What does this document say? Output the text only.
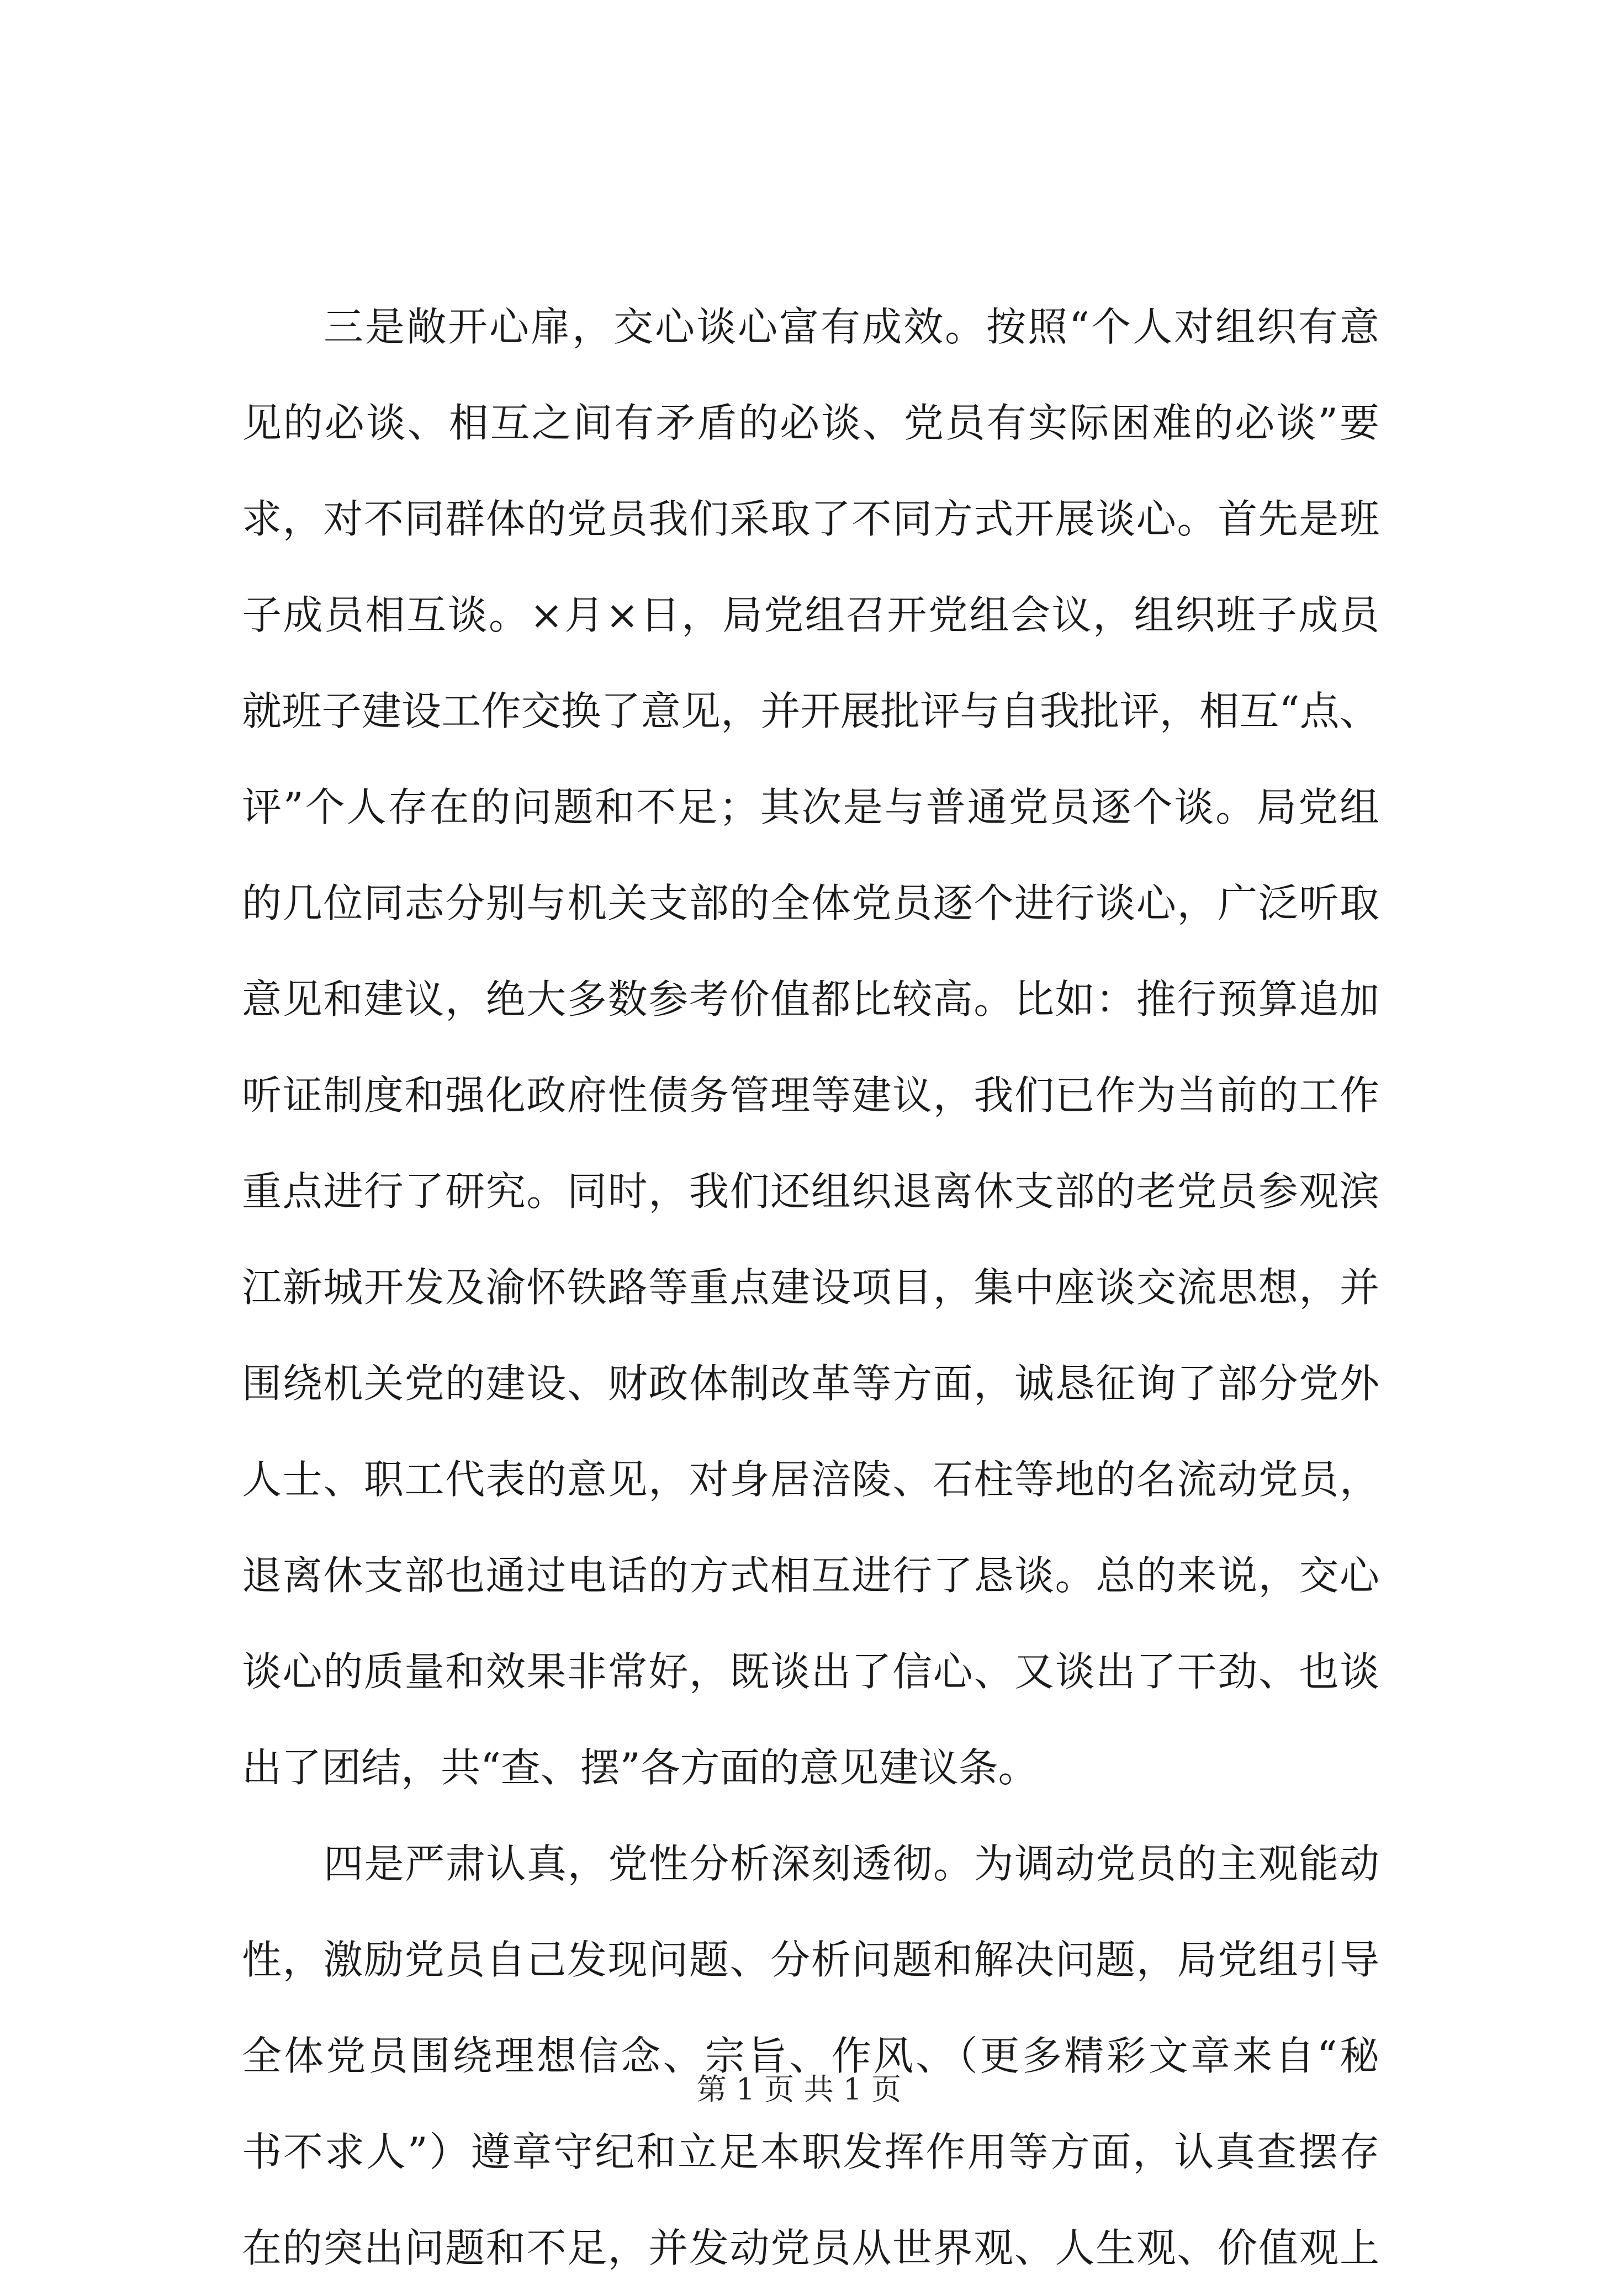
三是敞开心扉，交心谈心富有成效。按照“个人对组织有意
见的必谈、相互之间有矛盾的必谈、党员有实际困难的必谈”要
求，对不同群体的党员我们采取了不同方式开展谈心。首先是班
子成员相互谈。×月×日，局党组召开党组会议，组织班子成员
就班子建设工作交换了意见，并开展批评与自我批评，相互“点、
评”个人存在的问题和不足；其次是与普通党员逐个谈。局党组
的几位同志分别与机关支部的全体党员逐个进行谈心，广泛听取
意见和建议，绝大多数参考价值都比较高。比如：推行预算追加
听证制度和强化政府性债务管理等建议，我们已作为当前的工作
重点进行了研究。同时，我们还组织退离休支部的老党员参观滨
江新城开发及渝怀铁路等重点建设项目，集中座谈交流思想，并
围绕机关党的建设、财政体制改革等方面，诚恳征询了部分党外
人士、职工代表的意见，对身居涪陵、石柱等地的名流动党员，
退离休支部也通过电话的方式相互进行了恳谈。总的来说，交心
谈心的质量和效果非常好，既谈出了信心、又谈出了干劲、也谈
出了团结，共“查、摆”各方面的意见建议条。
四是严肃认真，党性分析深刻透彻。为调动党员的主观能动
性，激励党员自己发现问题、分析问题和解决问题，局党组引导
全体党员围绕理想信念、宗旨、作风、（更多精彩文章来自“秘
书不求人”）遵章守纪和立足本职发挥作用等方面，认真查摆存
在的突出问题和不足，并发动党员从世界观、人生观、价值观上
第 1 页 共 1 页
